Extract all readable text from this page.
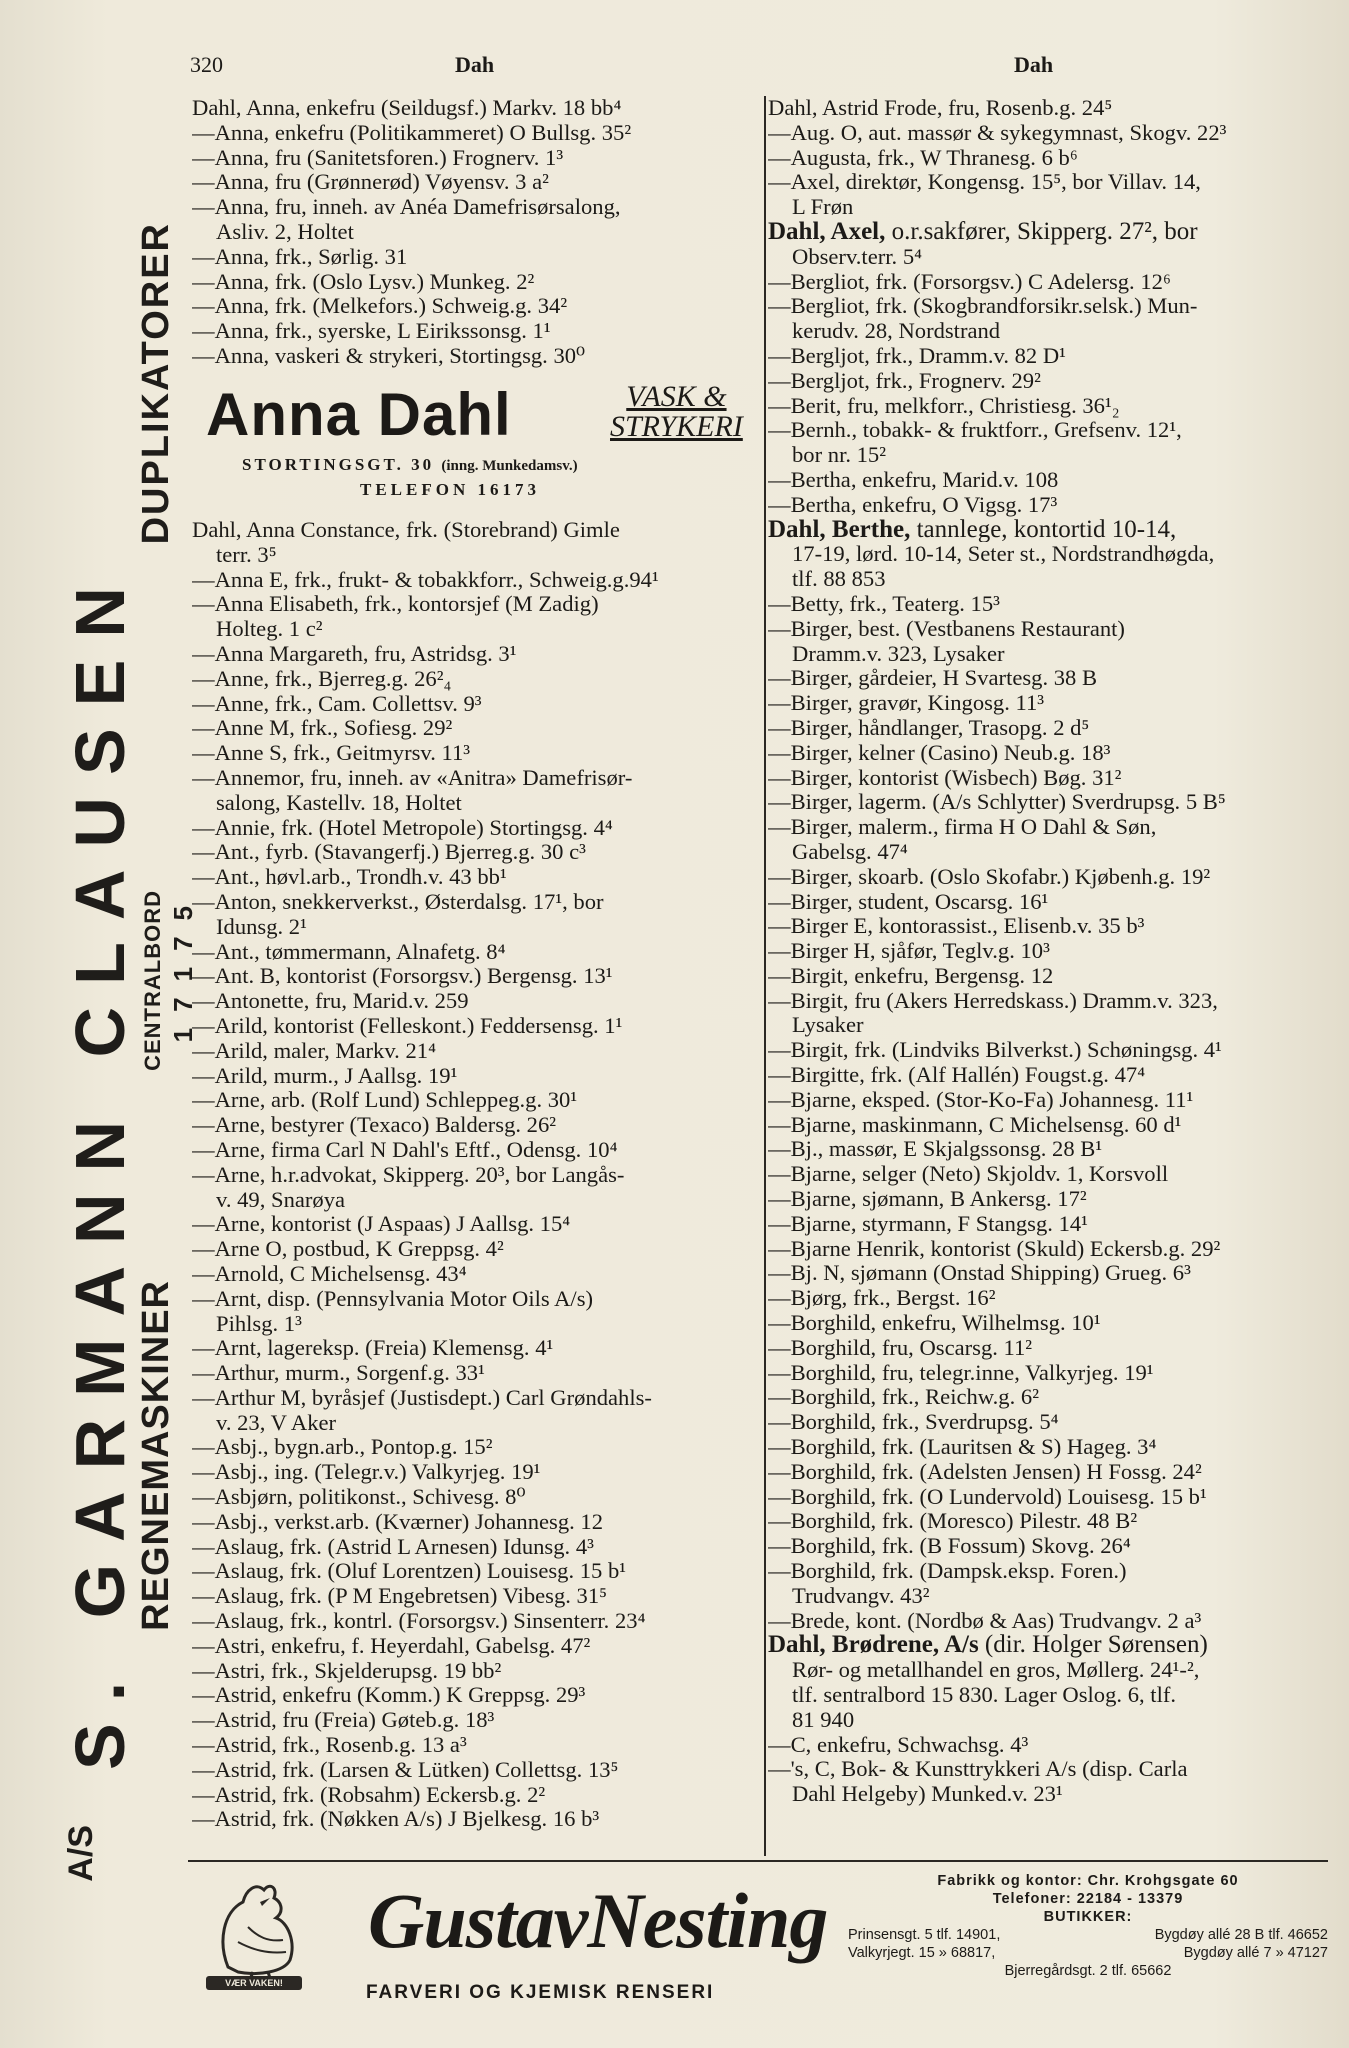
320	Dah	Dah
S. GARMANN CLAUSEN
A/S
REGNEMASKINER
DUPLIKATORER
CENTRALBORD 17175
Dahl, Anna, enkefru (Seildugsf.) Markv. 18 bb⁴
—Anna, enkefru (Politikammeret) O Bullsg. 35²
—Anna, fru (Sanitetsforen.) Frognerv. 1³
—Anna, fru (Grønnerød) Vøyensv. 3 a²
—Anna, fru, inneh. av Anéa Damefrisørsalong,
Asliv. 2, Holtet
—Anna, frk., Sørlig. 31
—Anna, frk. (Oslo Lysv.) Munkeg. 2²
—Anna, frk. (Melkefors.) Schweig.g. 34²
—Anna, frk., syerske, L Eirikssonsg. 1¹
—Anna, vaskeri & strykeri, Stortingsg. 30⁰
Anna Dahl	VASK &
STRYKERI
STORTINGSGT. 30 (inng. Munkedamsv.)
TELEFON 16173
Dahl, Anna Constance, frk. (Storebrand) Gimle
terr. 3⁵
—Anna E, frk., frukt- & tobakkforr., Schweig.g.94¹
—Anna Elisabeth, frk., kontorsjef (M Zadig)
Holteg. 1 c²
—Anna Margareth, fru, Astridsg. 3¹
—Anne, frk., Bjerreg.g. 26²₄
—Anne, frk., Cam. Collettsv. 9³
—Anne M, frk., Sofiesg. 29²
—Anne S, frk., Geitmyrsv. 11³
—Annemor, fru, inneh. av «Anitra» Damefrisør-
salong, Kastellv. 18, Holtet
—Annie, frk. (Hotel Metropole) Stortingsg. 4⁴
—Ant., fyrb. (Stavangerfj.) Bjerreg.g. 30 c³
—Ant., høvl.arb., Trondh.v. 43 bb¹
—Anton, snekkerverkst., Østerdalsg. 17¹, bor
Idunsg. 2¹
—Ant., tømmermann, Alnafetg. 8⁴
—Ant. B, kontorist (Forsorgsv.) Bergensg. 13¹
—Antonette, fru, Marid.v. 259
—Arild, kontorist (Felleskont.) Feddersensg. 1¹
—Arild, maler, Markv. 21⁴
—Arild, murm., J Aallsg. 19¹
—Arne, arb. (Rolf Lund) Schleppeg.g. 30¹
—Arne, bestyrer (Texaco) Baldersg. 26²
—Arne, firma Carl N Dahl's Eftf., Odensg. 10⁴
—Arne, h.r.advokat, Skipperg. 20³, bor Langås-
v. 49, Snarøya
—Arne, kontorist (J Aspaas) J Aallsg. 15⁴
—Arne O, postbud, K Greppsg. 4²
—Arnold, C Michelsensg. 43⁴
—Arnt, disp. (Pennsylvania Motor Oils A/s)
Pihlsg. 1³
—Arnt, lagereksp. (Freia) Klemensg. 4¹
—Arthur, murm., Sorgenf.g. 33¹
—Arthur M, byråsjef (Justisdept.) Carl Grøndahls-
v. 23, V Aker
—Asbj., bygn.arb., Pontop.g. 15²
—Asbj., ing. (Telegr.v.) Valkyrjeg. 19¹
—Asbjørn, politikonst., Schivesg. 8⁰
—Asbj., verkst.arb. (Kværner) Johannesg. 12
—Aslaug, frk. (Astrid L Arnesen) Idunsg. 4³
—Aslaug, frk. (Oluf Lorentzen) Louisesg. 15 b¹
—Aslaug, frk. (P M Engebretsen) Vibesg. 31⁵
—Aslaug, frk., kontrl. (Forsorgsv.) Sinsenterr. 23⁴
—Astri, enkefru, f. Heyerdahl, Gabelsg. 47²
—Astri, frk., Skjelderupsg. 19 bb²
—Astrid, enkefru (Komm.) K Greppsg. 29³
—Astrid, fru (Freia) Gøteb.g. 18³
—Astrid, frk., Rosenb.g. 13 a³
—Astrid, frk. (Larsen & Lütken) Collettsg. 13⁵
—Astrid, frk. (Robsahm) Eckersb.g. 2²
—Astrid, frk. (Nøkken A/s) J Bjelkesg. 16 b³
Dahl, Astrid Frode, fru, Rosenb.g. 24⁵
—Aug. O, aut. massør & sykegymnast, Skogv. 22³
—Augusta, frk., W Thranesg. 6 b⁶
—Axel, direktør, Kongensg. 15⁵, bor Villav. 14,
L Frøn
Dahl, Axel, o.r.sakfører, Skipperg. 27², bor
Observ.terr. 5⁴
—Bergliot, frk. (Forsorgsv.) C Adelersg. 12⁶
—Bergliot, frk. (Skogbrandforsikr.selsk.) Mun-
kerudv. 28, Nordstrand
—Bergljot, frk., Dramm.v. 82 D¹
—Bergljot, frk., Frognerv. 29²
—Berit, fru, melkforr., Christiesg. 36¹₂
—Bernh., tobakk- & fruktforr., Grefsenv. 12¹,
bor nr. 15²
—Bertha, enkefru, Marid.v. 108
—Bertha, enkefru, O Vigsg. 17³
Dahl, Berthe, tannlege, kontortid 10-14,
17-19, lørd. 10-14, Seter st., Nordstrandhøgda,
tlf. 88 853
—Betty, frk., Teaterg. 15³
—Birger, best. (Vestbanens Restaurant)
Dramm.v. 323, Lysaker
—Birger, gårdeier, H Svartesg. 38 B
—Birger, gravør, Kingosg. 11³
—Birger, håndlanger, Trasopg. 2 d⁵
—Birger, kelner (Casino) Neub.g. 18³
—Birger, kontorist (Wisbech) Bøg. 31²
—Birger, lagerm. (A/s Schlytter) Sverdrupsg. 5 B⁵
—Birger, malerm., firma H O Dahl & Søn,
Gabelsg. 47⁴
—Birger, skoarb. (Oslo Skofabr.) Kjøbenh.g. 19²
—Birger, student, Oscarsg. 16¹
—Birger E, kontorassist., Elisenb.v. 35 b³
—Birger H, sjåfør, Teglv.g. 10³
—Birgit, enkefru, Bergensg. 12
—Birgit, fru (Akers Herredskass.) Dramm.v. 323,
Lysaker
—Birgit, frk. (Lindviks Bilverkst.) Schøningsg. 4¹
—Birgitte, frk. (Alf Hallén) Fougst.g. 47⁴
—Bjarne, eksped. (Stor-Ko-Fa) Johannesg. 11¹
—Bjarne, maskinmann, C Michelsensg. 60 d¹
—Bj., massør, E Skjalgssonsg. 28 B¹
—Bjarne, selger (Neto) Skjoldv. 1, Korsvoll
—Bjarne, sjømann, B Ankersg. 17²
—Bjarne, styrmann, F Stangsg. 14¹
—Bjarne Henrik, kontorist (Skuld) Eckersb.g. 29²
—Bj. N, sjømann (Onstad Shipping) Grueg. 6³
—Bjørg, frk., Bergst. 16²
—Borghild, enkefru, Wilhelmsg. 10¹
—Borghild, fru, Oscarsg. 11²
—Borghild, fru, telegr.inne, Valkyrjeg. 19¹
—Borghild, frk., Reichw.g. 6²
—Borghild, frk., Sverdrupsg. 5⁴
—Borghild, frk. (Lauritsen & S) Hageg. 3⁴
—Borghild, frk. (Adelsten Jensen) H Fossg. 24²
—Borghild, frk. (O Lundervold) Louisesg. 15 b¹
—Borghild, frk. (Moresco) Pilestr. 48 B²
—Borghild, frk. (B Fossum) Skovg. 26⁴
—Borghild, frk. (Dampsk.eksp. Foren.)
Trudvangv. 43²
—Brede, kont. (Nordbø & Aas) Trudvangv. 2 a³
Dahl, Brødrene, A/s (dir. Holger Sørensen)
Rør- og metallhandel en gros, Møllerg. 24¹-²,
tlf. sentralbord 15 830. Lager Oslog. 6, tlf.
81 940
—C, enkefru, Schwachsg. 4³
—'s, C, Bok- & Kunsttrykkeri A/s (disp. Carla
Dahl Helgeby) Munked.v. 23¹
VÆR VAKEN!
GustavNesting
FARVERI OG KJEMISK RENSERI
Fabrikk og kontor: Chr. Krohgsgate 60
Telefoner: 22184 - 13379
BUTIKKER:
Prinsensgt. 5 tlf. 14901,	Bygdøy allé 28 B tlf. 46652
Valkyrjegt. 15 » 68817,	Bygdøy allé 7 » 47127
Bjerregårdsgt. 2 tlf. 65662
